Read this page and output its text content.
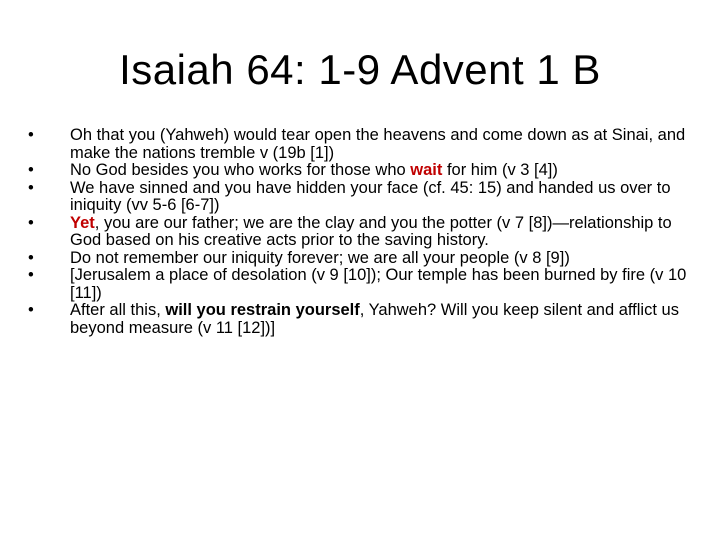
Isaiah 64: 1-9 Advent 1 B
•	Oh that you (Yahweh) would tear open the heavens and come down as at Sinai, and make the nations tremble v (19b [1])
•	No God besides you who works for those who wait for him (v 3 [4])
•	We have sinned and you have hidden your face (cf. 45: 15) and handed us over to iniquity (vv 5-6 [6-7])
•	Yet, you are our father; we are the clay and you the potter (v 7 [8])—relationship to God based on his creative acts prior to the saving history.
•	Do not remember our iniquity forever; we are all your people (v 8 [9])
•	[Jerusalem a place of desolation (v 9 [10]); Our temple has been burned by fire (v 10 [11])
•	After all this, will you restrain yourself, Yahweh? Will you keep silent and afflict us beyond measure (v 11 [12])]
